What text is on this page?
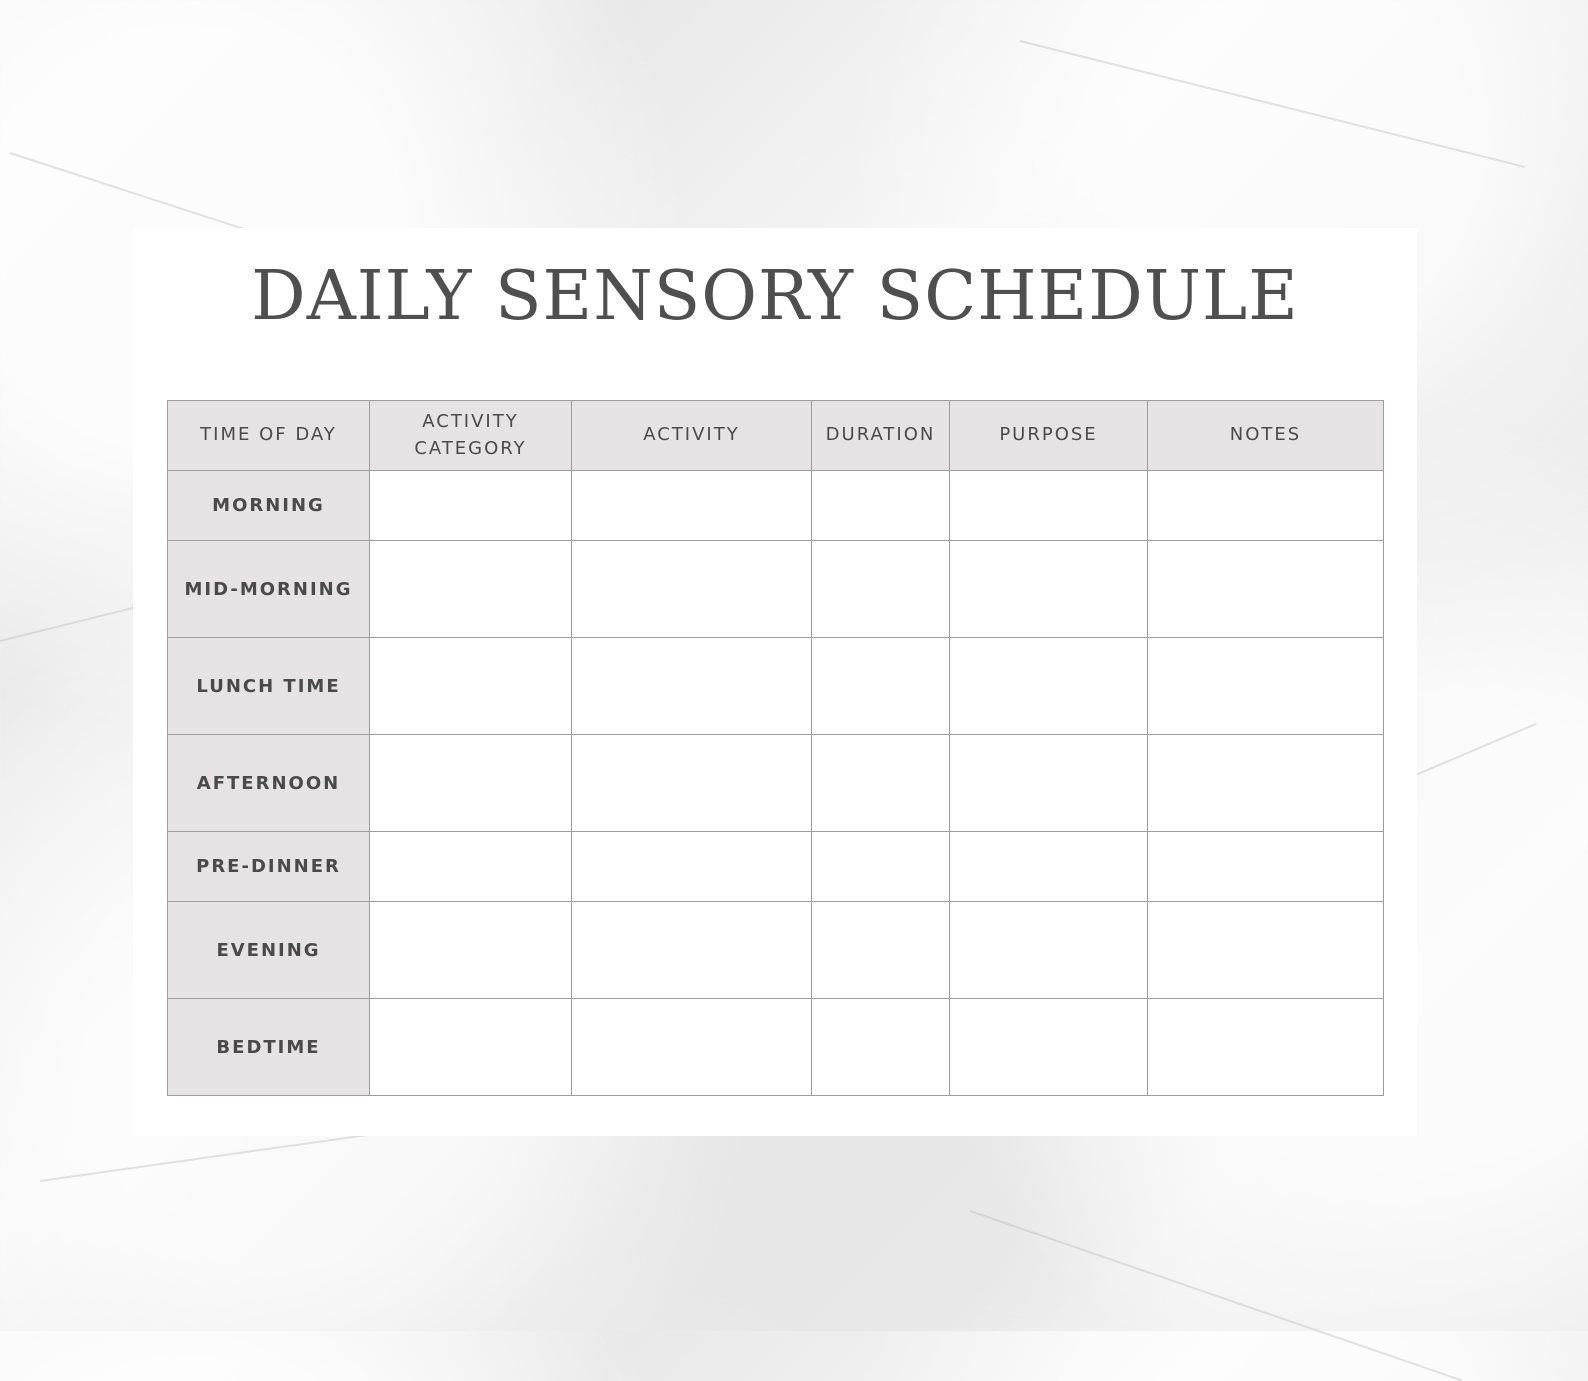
DAILY SENSORY SCHEDULE
TIME OF DAY	ACTIVITY CATEGORY	ACTIVITY	DURATION	PURPOSE	NOTES
MORNING					
MID-MORNING					
LUNCH TIME					
AFTERNOON					
PRE-DINNER					
EVENING					
BEDTIME					
